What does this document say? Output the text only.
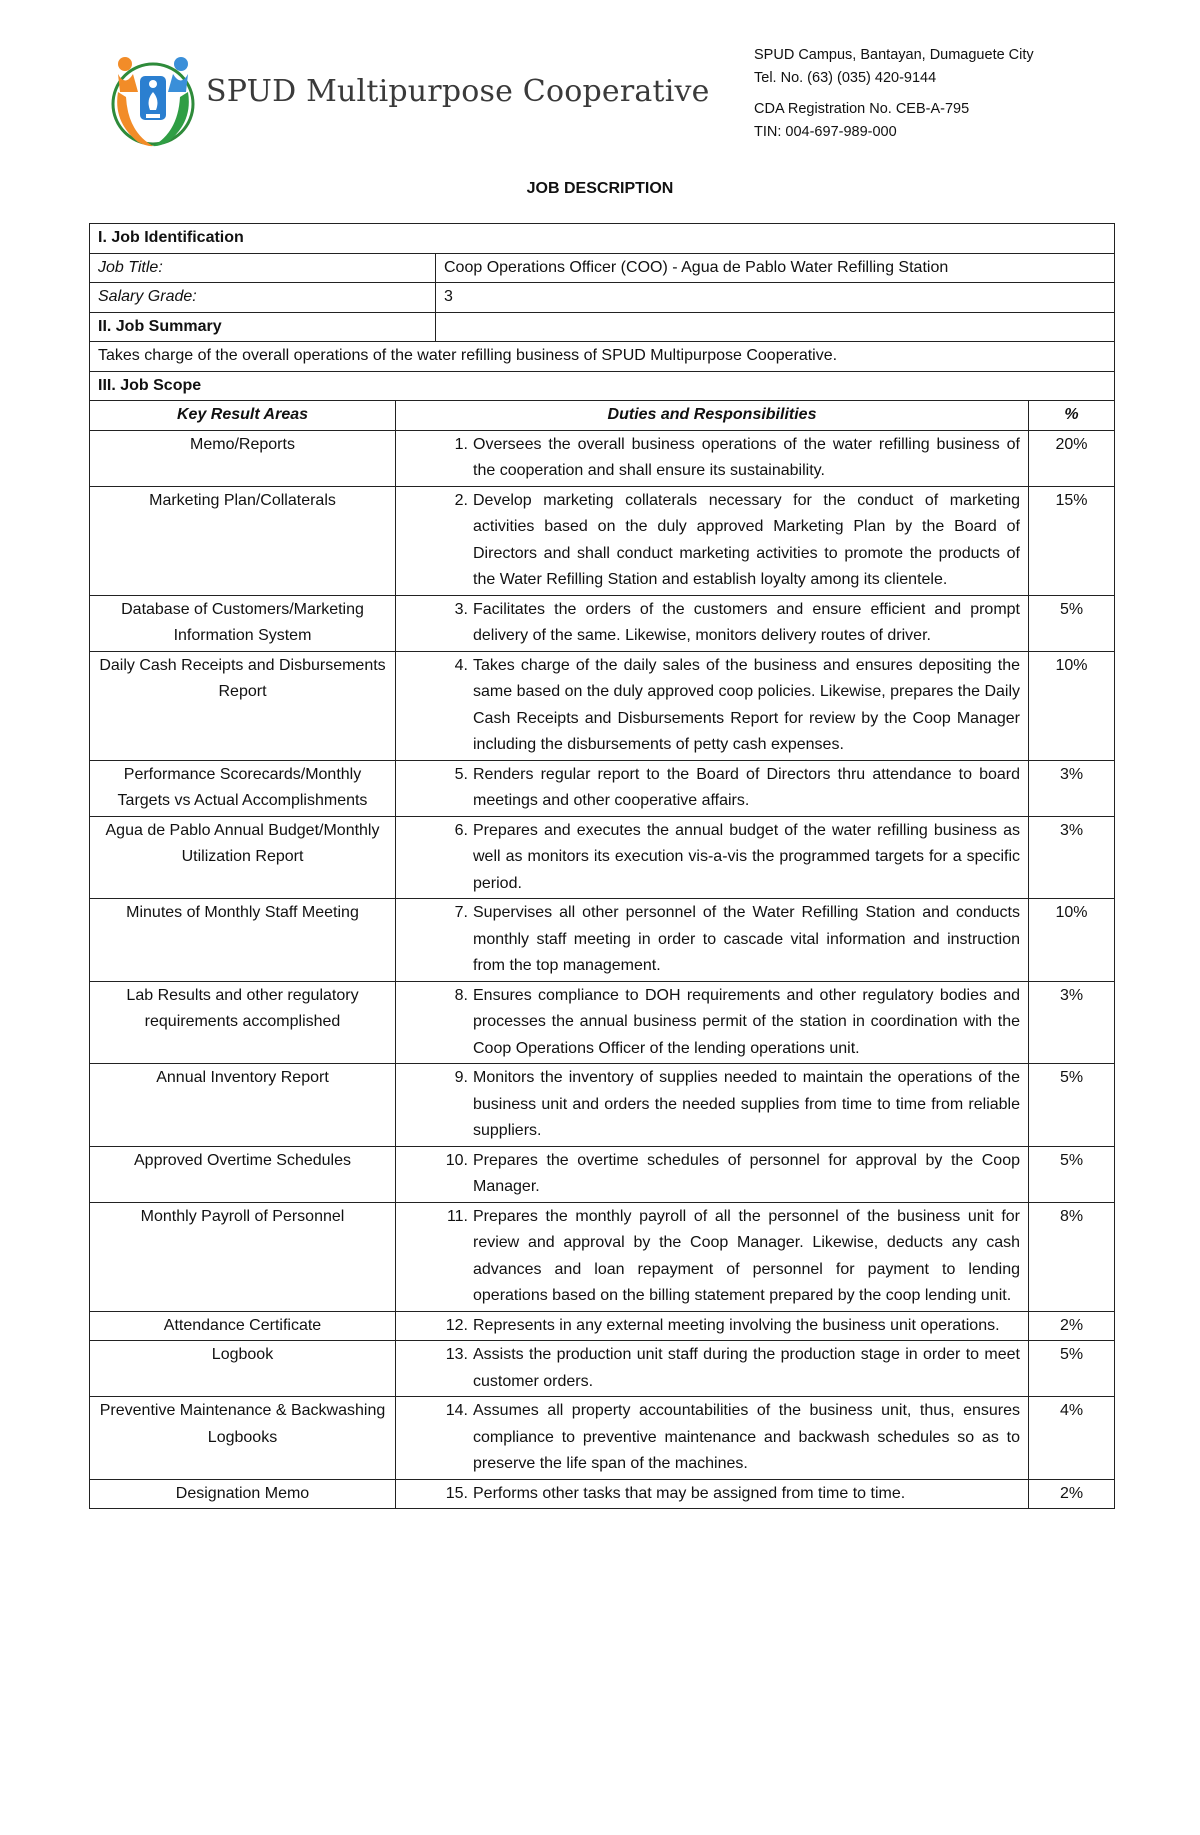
SPUD Multipurpose Cooperative
SPUD Campus, Bantayan, Dumaguete City
Tel. No. (63) (035) 420-9144
CDA Registration No. CEB-A-795
TIN: 004-697-989-000
JOB DESCRIPTION
I. Job Identification			
Job Title:		Coop Operations Officer (COO) - Agua de Pablo Water Refilling Station	
Salary Grade:		3	
II. Job Summary			
Takes charge of the overall operations of the water refilling business of SPUD Multipurpose Cooperative.			
III. Job Scope			
Key Result Areas	Duties and Responsibilities		%
Memo/Reports	1. Oversees the overall business operations of the water refilling business of the cooperation and shall ensure its sustainability.		20%
Marketing Plan/Collaterals	2. Develop marketing collaterals necessary for the conduct of marketing activities based on the duly approved Marketing Plan by the Board of Directors and shall conduct marketing activities to promote the products of the Water Refilling Station and establish loyalty among its clientele.		15%
Database of Customers/Marketing Information System	3. Facilitates the orders of the customers and ensure efficient and prompt delivery of the same. Likewise, monitors delivery routes of driver.		5%
Daily Cash Receipts and Disbursements Report	4. Takes charge of the daily sales of the business and ensures depositing the same based on the duly approved coop policies. Likewise, prepares the Daily Cash Receipts and Disbursements Report for review by the Coop Manager including the disbursements of petty cash expenses.		10%
Performance Scorecards/Monthly Targets vs Actual Accomplishments	5. Renders regular report to the Board of Directors thru attendance to board meetings and other cooperative affairs.		3%
Agua de Pablo Annual Budget/Monthly Utilization Report	6. Prepares and executes the annual budget of the water refilling business as well as monitors its execution vis-a-vis the programmed targets for a specific period.		3%
Minutes of Monthly Staff Meeting	7. Supervises all other personnel of the Water Refilling Station and conducts monthly staff meeting in order to cascade vital information and instruction from the top management.		10%
Lab Results and other regulatory requirements accomplished	8. Ensures compliance to DOH requirements and other regulatory bodies and processes the annual business permit of the station in coordination with the Coop Operations Officer of the lending operations unit.		3%
Annual Inventory Report	9. Monitors the inventory of supplies needed to maintain the operations of the business unit and orders the needed supplies from time to time from reliable suppliers.		5%
Approved Overtime Schedules	10. Prepares the overtime schedules of personnel for approval by the Coop Manager.		5%
Monthly Payroll of Personnel	11. Prepares the monthly payroll of all the personnel of the business unit for review and approval by the Coop Manager. Likewise, deducts any cash advances and loan repayment of personnel for payment to lending operations based on the billing statement prepared by the coop lending unit.		8%
Attendance Certificate	12. Represents in any external meeting involving the business unit operations.		2%
Logbook	13. Assists the production unit staff during the production stage in order to meet customer orders.		5%
Preventive Maintenance & Backwashing Logbooks	14. Assumes all property accountabilities of the business unit, thus, ensures compliance to preventive maintenance and backwash schedules so as to preserve the life span of the machines.		4%
Designation Memo	15. Performs other tasks that may be assigned from time to time.		2%
